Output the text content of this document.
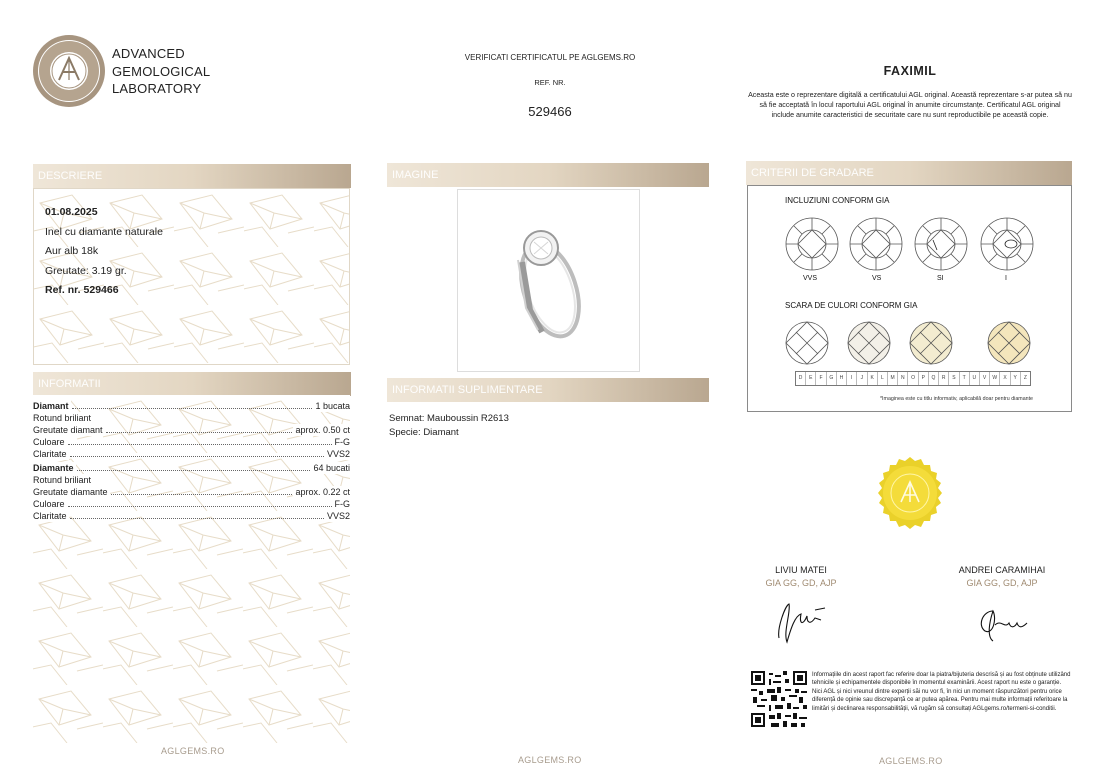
ADVANCED
GEMOLOGICAL
LABORATORY
VERIFICATI CERTIFICATUL PE AGLGEMS.RO
REF. NR.
529466
FAXIMIL
Aceasta este o reprezentare digitală a certificatului AGL original. Această reprezentare s-ar putea să nu să fie acceptată în locul raportului AGL original în anumite circumstanțe. Certificatul AGL original include anumite caracteristici de securitate care nu sunt reproductibile pe această copie.
DESCRIERE
01.08.2025
Inel cu diamante naturale
Aur alb 18k
Greutate: 3.19 gr.
Ref. nr. 529466
INFORMATII
Diamant	1 bucata
Rotund briliant
Greutate diamant	aprox. 0.50 ct
Culoare	F-G
Claritate	VVS2
Diamante	64 bucati
Rotund briliant
Greutate diamante	aprox. 0.22 ct
Culoare	F-G
Claritate	VVS2
IMAGINE
INFORMATII SUPLIMENTARE
Semnat: Mauboussin R2613
Specie: Diamant
CRITERII DE GRADARE
INCLUZIUNI CONFORM GIA
VVS	VS	SI	I
SCARA DE CULORI CONFORM GIA
D	E	F	G	H	I	J	K	L	M	N	O	P	Q	R	S	T	U	V	W	X	Y	Z
*Imaginea este cu titlu informativ, aplicabilă doar pentru diamante
LIVIU MATEI
GIA GG, GD, AJP
ANDREI CARAMIHAI
GIA GG, GD, AJP
Informațiile din acest raport fac referire doar la piatra/bijuteria descrisă și au fost obținute utilizând tehnicile și echipamentele disponibile în momentul examinării. Acest raport nu este o garanție. Nici AGL și nici vreunul dintre experții săi nu vor fi, în nici un moment răspunzători pentru orice diferență de opinie sau discrepanță ce ar putea apărea. Pentru mai multe informații referitoare la limitări și declinarea responsabilității, vă rugăm să consultați AGLgems.ro/termeni-si-conditii.
AGLGEMS.RO
AGLGEMS.RO	AGLGEMS.RO
